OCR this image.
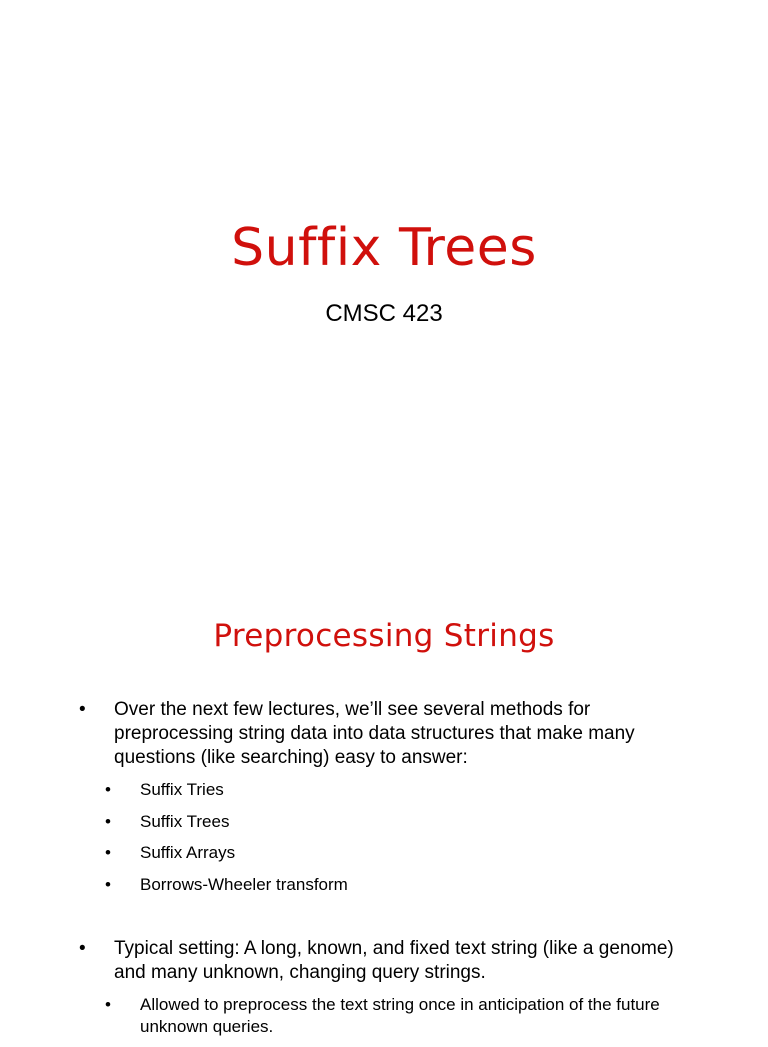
Suffix Trees
CMSC 423
Preprocessing Strings
• Over the next few lectures, we’ll see several methods for preprocessing string data into data structures that make many questions (like searching) easy to answer:
• Suffix Tries
• Suffix Trees
• Suffix Arrays
• Borrows-Wheeler transform
• Typical setting: A long, known, and fixed text string (like a genome) and many unknown, changing query strings.
• Allowed to preprocess the text string once in anticipation of the future unknown queries.
